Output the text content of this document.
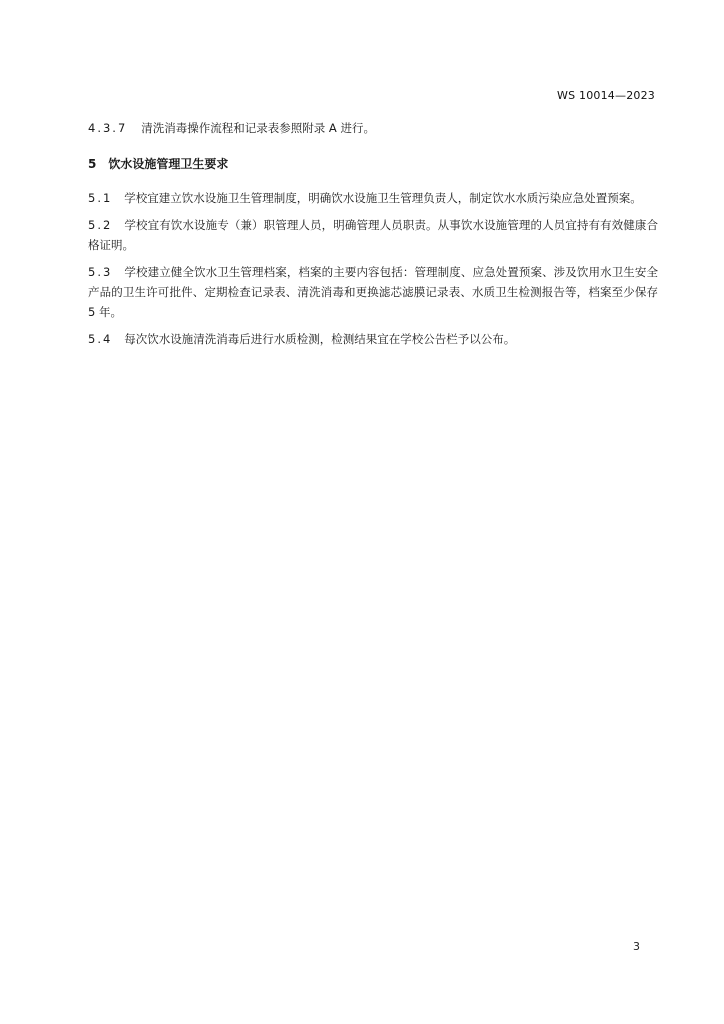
WS 10014—2023

4.3.7 清洗消毒操作流程和记录表参照附录 A 进行。

5 饮水设施管理卫生要求

5.1 学校宜建立饮水设施卫生管理制度，明确饮水设施卫生管理负责人，制定饮水水质污染应急处置预案。

5.2 学校宜有饮水设施专（兼）职管理人员，明确管理人员职责。从事饮水设施管理的人员宜持有有效健康合格证明。

5.3 学校建立健全饮水卫生管理档案，档案的主要内容包括：管理制度、应急处置预案、涉及饮用水卫生安全产品的卫生许可批件、定期检查记录表、清洗消毒和更换滤芯滤膜记录表、水质卫生检测报告等，档案至少保存 5 年。

5.4 每次饮水设施清洗消毒后进行水质检测，检测结果宜在学校公告栏予以公布。

3
